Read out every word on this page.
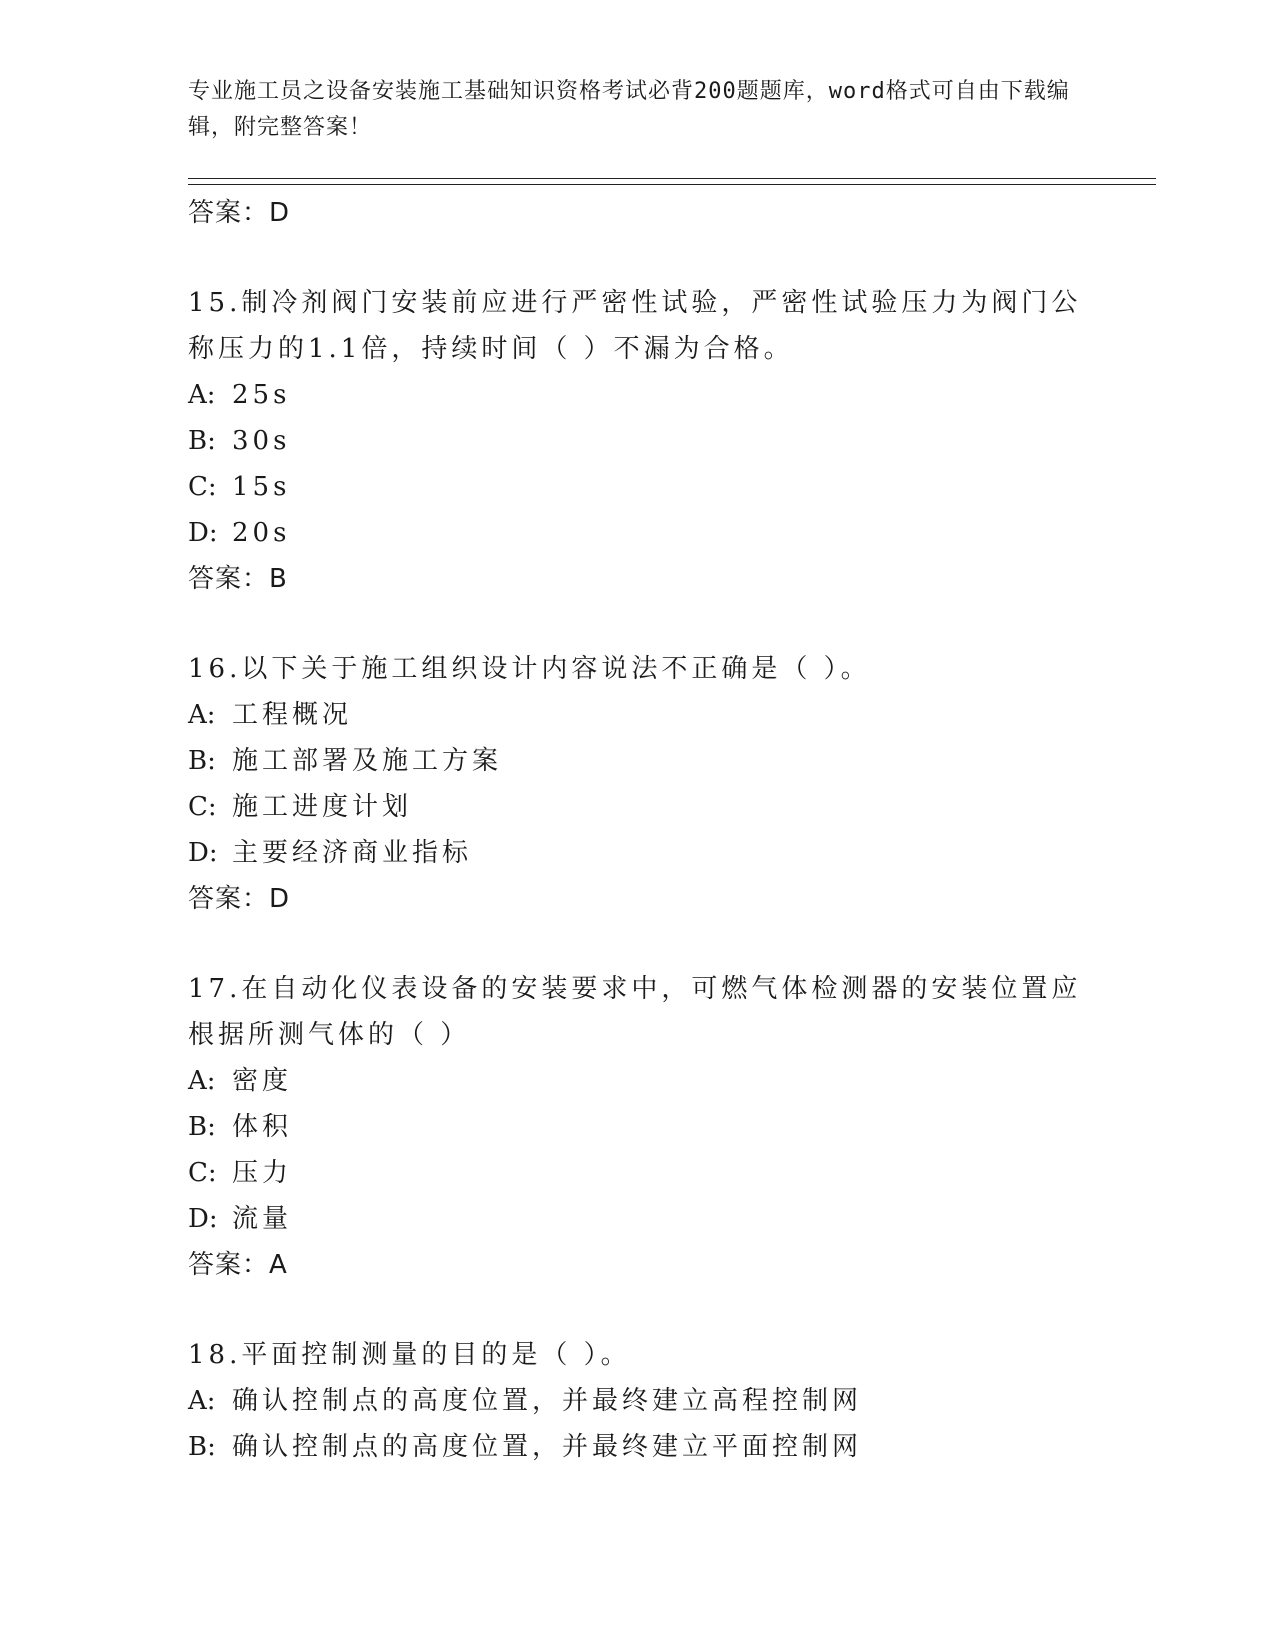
专业施工员之设备安装施工基础知识资格考试必背200题题库，word格式可自由下载编辑，附完整答案！
答案：D
15.制冷剂阀门安装前应进行严密性试验，严密性试验压力为阀门公称压力的1.1倍，持续时间（ ）不漏为合格。
A: 25s
B: 30s
C: 15s
D: 20s
答案：B
16.以下关于施工组织设计内容说法不正确是（ ）。
A: 工程概况
B: 施工部署及施工方案
C: 施工进度计划
D: 主要经济商业指标
答案：D
17.在自动化仪表设备的安装要求中，可燃气体检测器的安装位置应根据所测气体的（ ）
A: 密度
B: 体积
C: 压力
D: 流量
答案：A
18.平面控制测量的目的是（ ）。
A: 确认控制点的高度位置，并最终建立高程控制网
B: 确认控制点的高度位置，并最终建立平面控制网
